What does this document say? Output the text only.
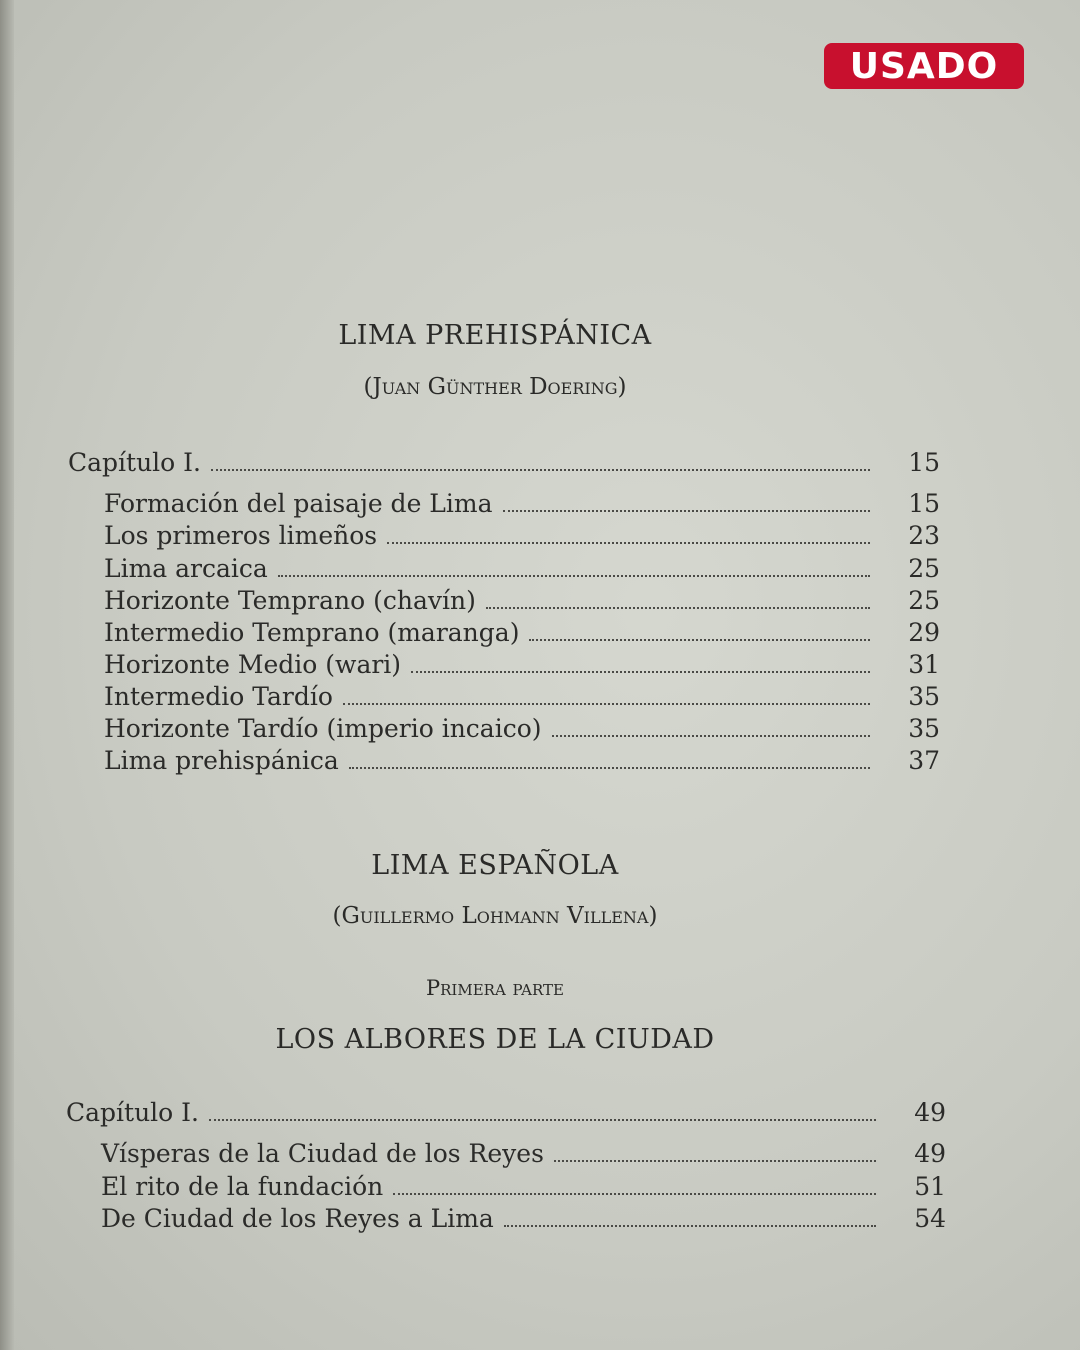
USADO
LIMA PREHISPÁNICA
(Juan Günther Doering)
Capítulo I.	15
Formación del paisaje de Lima	15
Los primeros limeños	23
Lima arcaica	25
Horizonte Temprano (chavín)	25
Intermedio Temprano (maranga)	29
Horizonte Medio (wari)	31
Intermedio Tardío	35
Horizonte Tardío (imperio incaico)	35
Lima prehispánica	37
LIMA ESPAÑOLA
(Guillermo Lohmann Villena)
Primera parte
LOS ALBORES DE LA CIUDAD
Capítulo I.	49
Vísperas de la Ciudad de los Reyes	49
El rito de la fundación	51
De Ciudad de los Reyes a Lima	54
